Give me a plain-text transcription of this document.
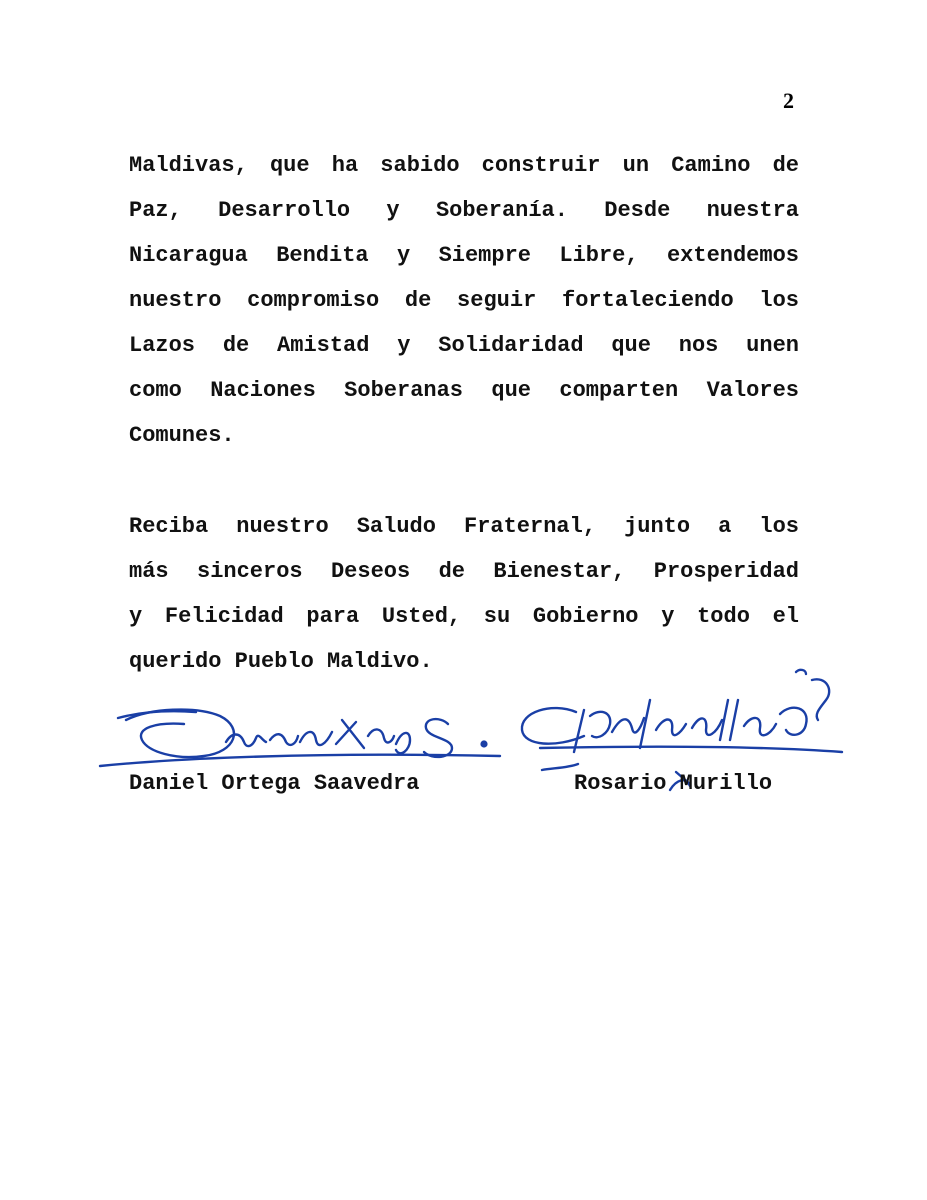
2
Maldivas, que ha sabido construir un Camino de
Paz, Desarrollo y Soberanía. Desde nuestra
Nicaragua Bendita y Siempre Libre, extendemos
nuestro compromiso de seguir fortaleciendo los
Lazos de Amistad y Solidaridad que nos unen
como Naciones Soberanas que comparten Valores
Comunes.
Reciba nuestro Saludo Fraternal, junto a los
más sinceros Deseos de Bienestar, Prosperidad
y Felicidad para Usted, su Gobierno y todo el
querido Pueblo Maldivo.
Daniel Ortega Saavedra	Rosario Murillo
